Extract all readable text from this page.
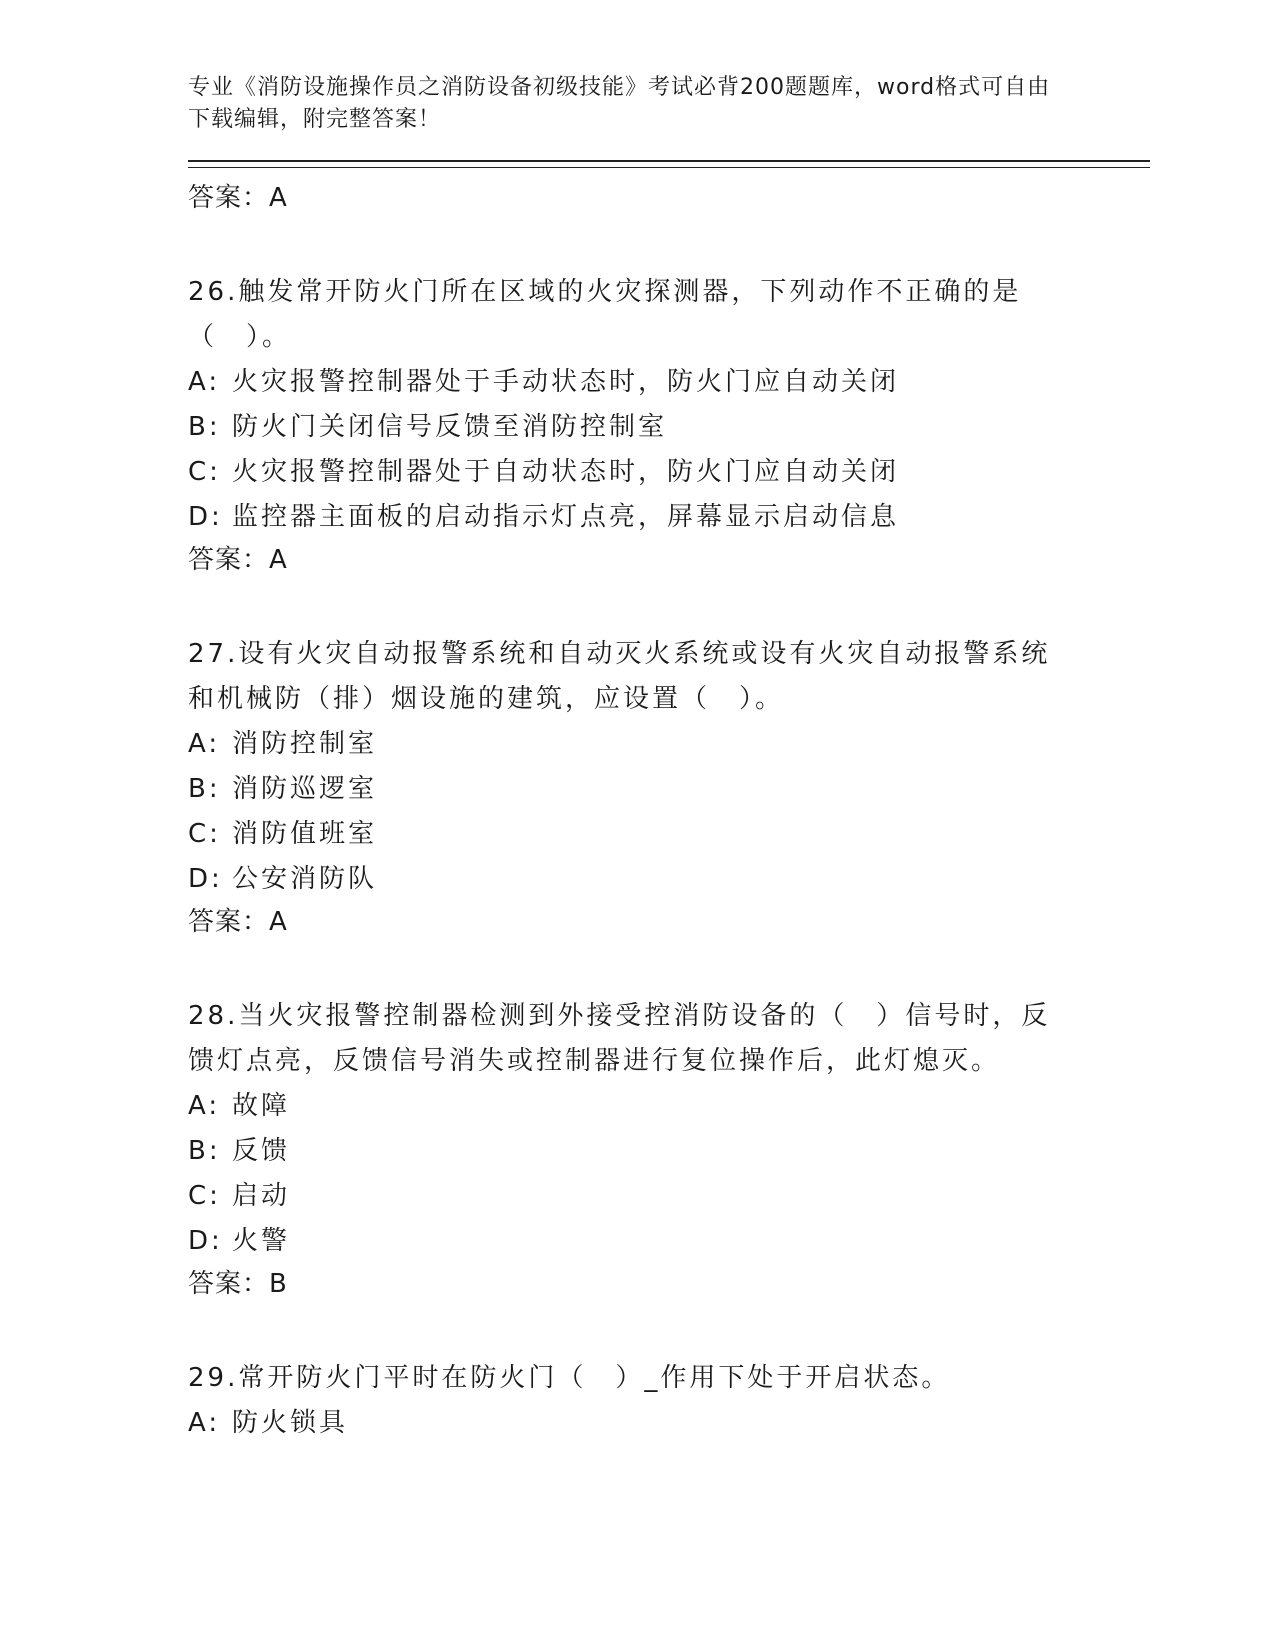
专业《消防设施操作员之消防设备初级技能》考试必背200题题库，word格式可自由下载编辑，附完整答案！

答案：A

26.触发常开防火门所在区域的火灾探测器，下列动作不正确的是（　）。

A: 火灾报警控制器处于手动状态时，防火门应自动关闭
B: 防火门关闭信号反馈至消防控制室
C: 火灾报警控制器处于自动状态时，防火门应自动关闭
D: 监控器主面板的启动指示灯点亮，屏幕显示启动信息

答案：A

27.设有火灾自动报警系统和自动灭火系统或设有火灾自动报警系统和机械防（排）烟设施的建筑，应设置（　）。

A: 消防控制室
B: 消防巡逻室
C: 消防值班室
D: 公安消防队

答案：A

28.当火灾报警控制器检测到外接受控消防设备的（　）信号时，反馈灯点亮，反馈信号消失或控制器进行复位操作后，此灯熄灭。

A: 故障
B: 反馈
C: 启动
D: 火警

答案：B

29.常开防火门平时在防火门（　）_作用下处于开启状态。

A: 防火锁具
